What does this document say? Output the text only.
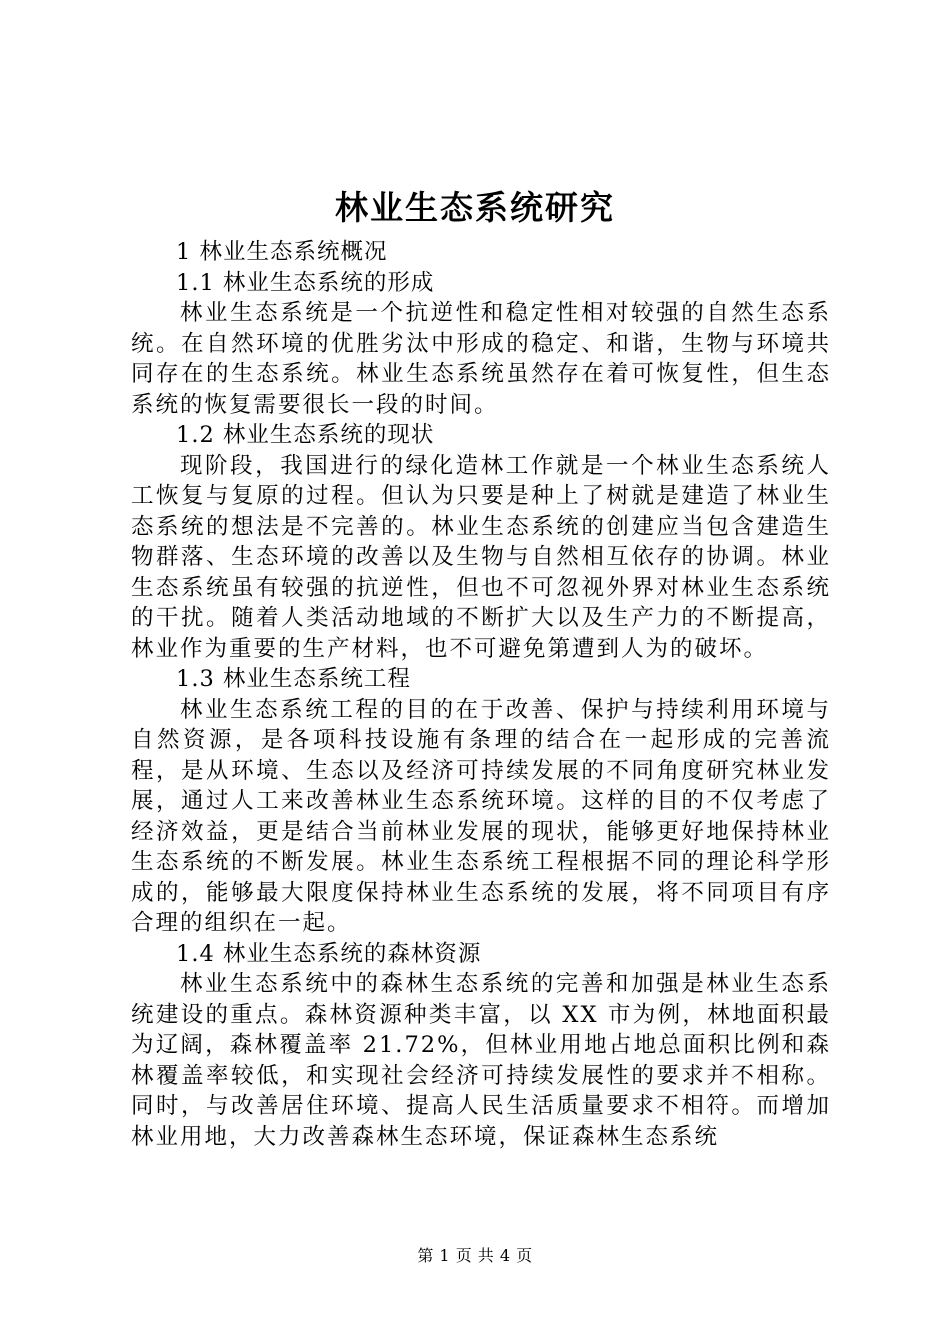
林业生态系统研究

1 林业生态系统概况

1.1 林业生态系统的形成

林业生态系统是一个抗逆性和稳定性相对较强的自然生态系统。在自然环境的优胜劣汰中形成的稳定、和谐，生物与环境共同存在的生态系统。林业生态系统虽然存在着可恢复性，但生态系统的恢复需要很长一段的时间。

1.2 林业生态系统的现状

现阶段，我国进行的绿化造林工作就是一个林业生态系统人工恢复与复原的过程。但认为只要是种上了树就是建造了林业生态系统的想法是不完善的。林业生态系统的创建应当包含建造生物群落、生态环境的改善以及生物与自然相互依存的协调。林业生态系统虽有较强的抗逆性，但也不可忽视外界对林业生态系统的干扰。随着人类活动地域的不断扩大以及生产力的不断提高，林业作为重要的生产材料，也不可避免第遭到人为的破坏。

1.3 林业生态系统工程

林业生态系统工程的目的在于改善、保护与持续利用环境与自然资源，是各项科技设施有条理的结合在一起形成的完善流程，是从环境、生态以及经济可持续发展的不同角度研究林业发展，通过人工来改善林业生态系统环境。这样的目的不仅考虑了经济效益，更是结合当前林业发展的现状，能够更好地保持林业生态系统的不断发展。林业生态系统工程根据不同的理论科学形成的，能够最大限度保持林业生态系统的发展，将不同项目有序合理的组织在一起。

1.4 林业生态系统的森林资源

林业生态系统中的森林生态系统的完善和加强是林业生态系统建设的重点。森林资源种类丰富，以 XX 市为例，林地面积最为辽阔，森林覆盖率 21.72%，但林业用地占地总面积比例和森林覆盖率较低，和实现社会经济可持续发展性的要求并不相称。同时，与改善居住环境、提高人民生活质量要求不相符。而增加林业用地，大力改善森林生态环境，保证森林生态系统

第 1 页 共 4 页
